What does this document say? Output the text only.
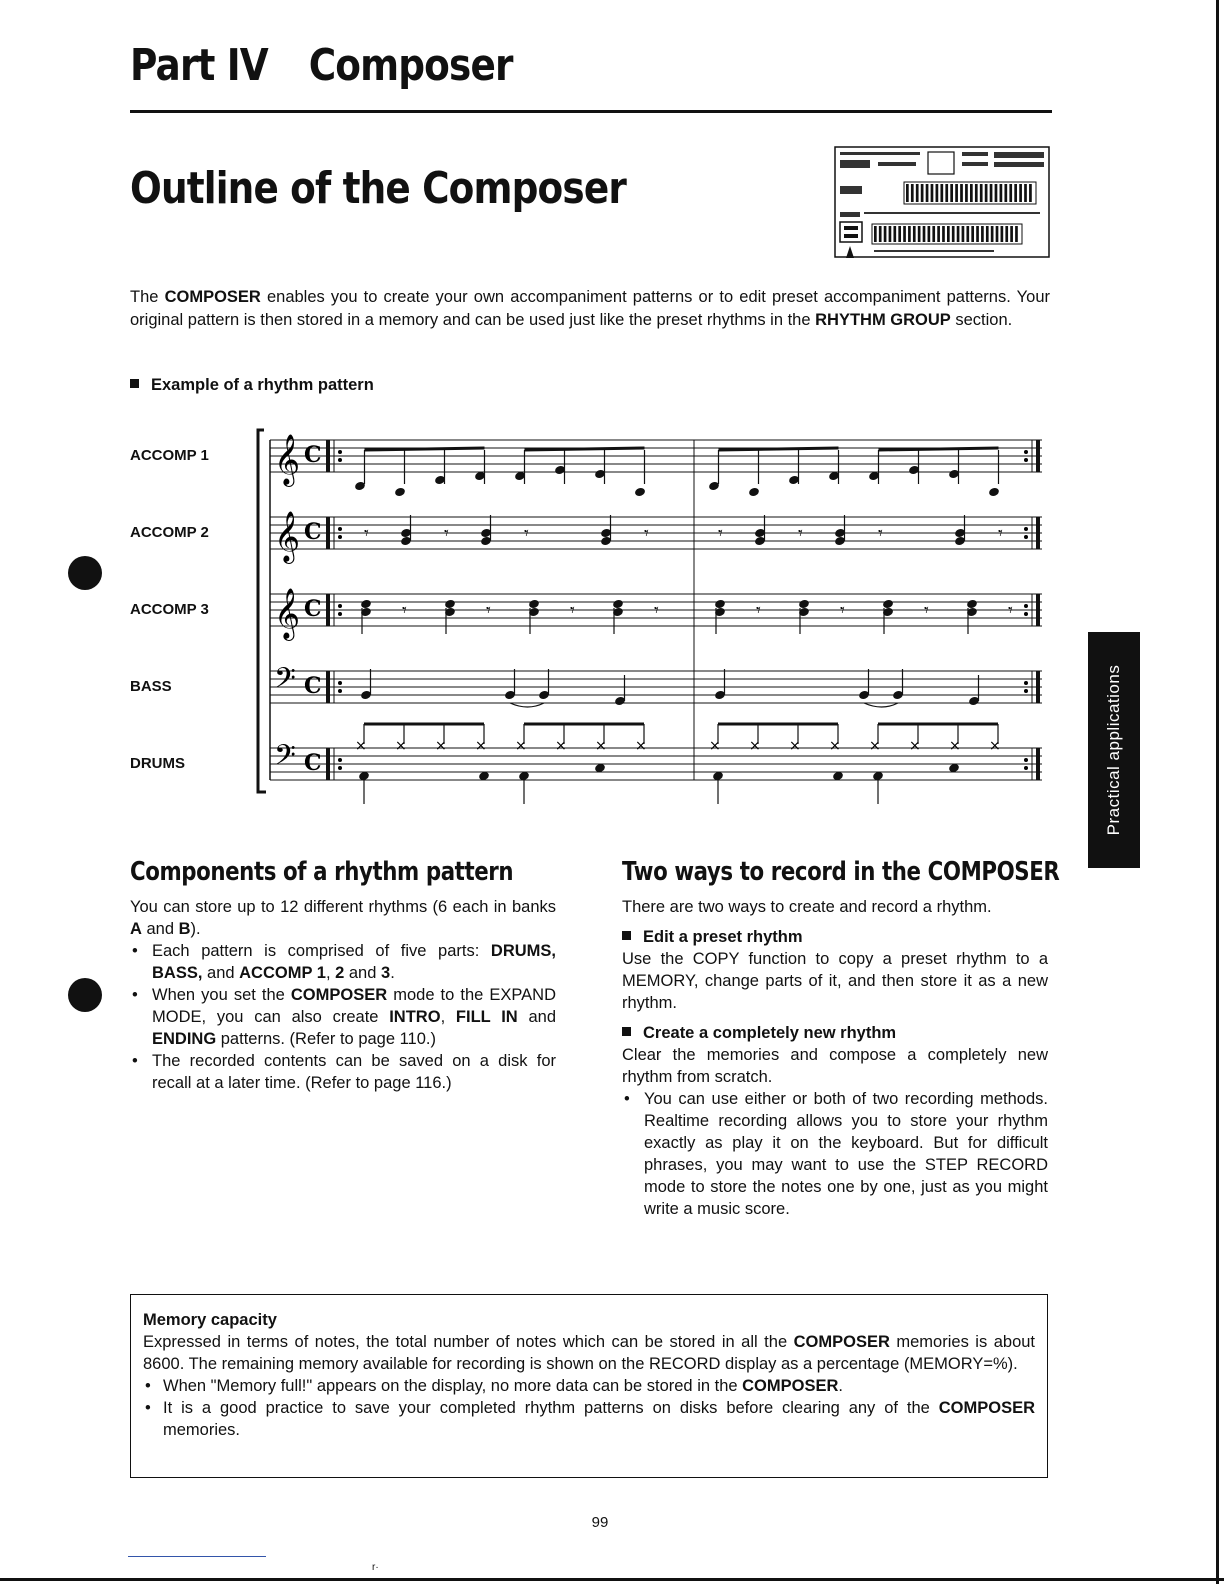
Part IV Composer
Outline of the Composer

The COMPOSER enables you to create your own accompaniment patterns or to edit preset accompaniment patterns. Your original pattern is then stored in a memory and can be used just like the preset rhythms in the RHYTHM GROUP section.

Example of a rhythm pattern

ACCOMP 1

ACCOMP 2

ACCOMP 3

BASS

DRUMS

𝄞 C
𝄞 C
𝄞 C
𝄢 C
𝄢 C
𝄾	𝄾	𝄾	𝄾	𝄾	𝄾	𝄾	𝄾
𝄾	𝄾	𝄾	𝄾	𝄾	𝄾	𝄾	𝄾
× × × × × × × ×	× × × × × × × ×	Practical applications
Components of a rhythm pattern

You can store up to 12 different rhythms (6 each in banks A and B).

• Each pattern is comprised of five parts: DRUMS, BASS, and ACCOMP 1, 2 and 3.
• When you set the COMPOSER mode to the EXPAND MODE, you can also create INTRO, FILL IN and ENDING patterns. (Refer to page 110.)
• The recorded contents can be saved on a disk for recall at a later time. (Refer to page 116.)
Two ways to record in the COMPOSER

There are two ways to create and record a rhythm.

Edit a preset rhythm

Use the COPY function to copy a preset rhythm to a MEMORY, change parts of it, and then store it as a new rhythm.

Create a completely new rhythm

Clear the memories and compose a completely new rhythm from scratch.

• You can use either or both of two recording methods. Realtime recording allows you to store your rhythm exactly as play it on the keyboard. But for difficult phrases, you may want to use the STEP RECORD mode to store the notes one by one, just as you might write a music score.

Memory capacity

Expressed in terms of notes, the total number of notes which can be stored in all the COMPOSER memories is about 8600. The remaining memory available for recording is shown on the RECORD display as a percentage (MEMORY=%).

• When "Memory full!" appears on the display, no more data can be stored in the COMPOSER.
• It is a good practice to save your completed rhythm patterns on disks before clearing any of the COMPOSER memories.

99

r·
